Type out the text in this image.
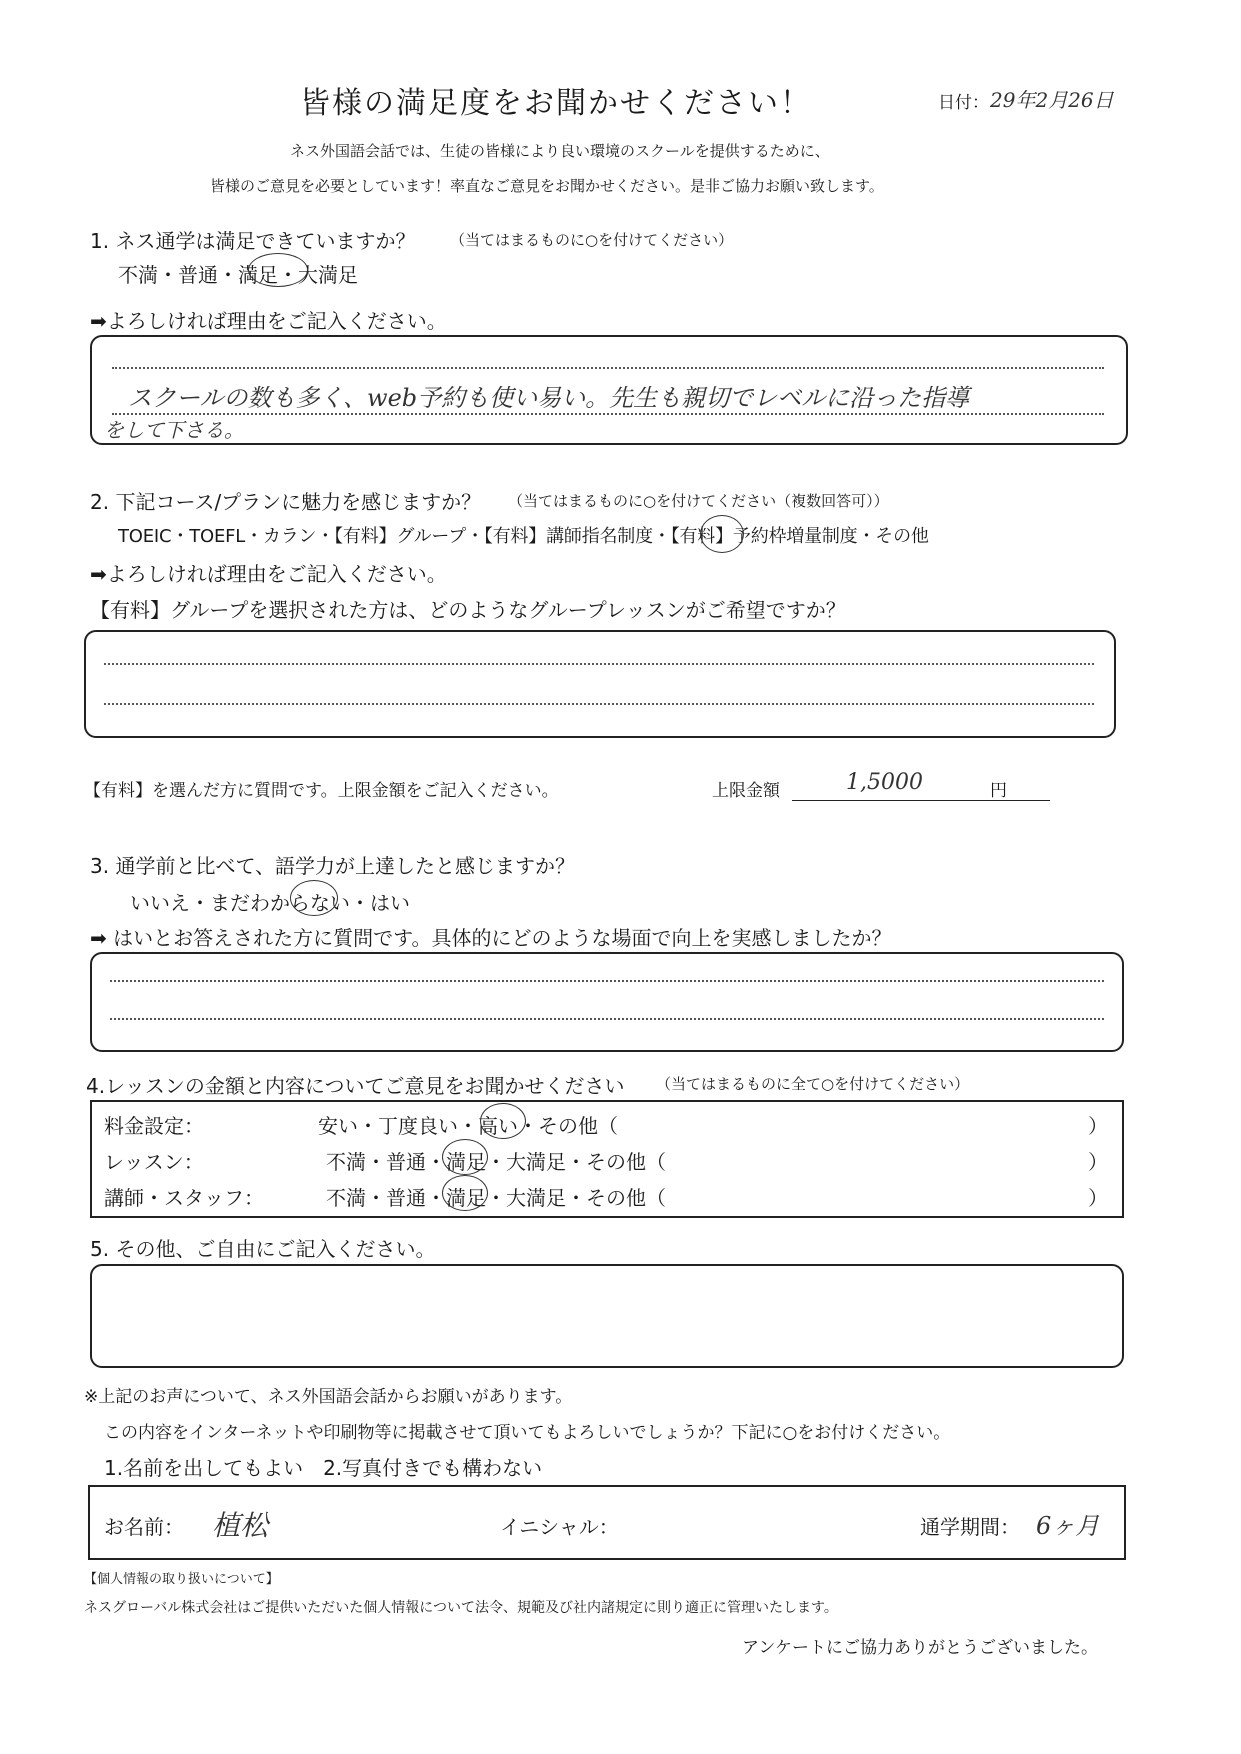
皆様の満足度をお聞かせください！	日付： 29年2月26日
ネス外国語会話では、生徒の皆様により良い環境のスクールを提供するために、
皆様のご意見を必要としています！率直なご意見をお聞かせください。是非ご協力お願い致します。
1. ネス通学は満足できていますか？ （当てはまるものに○を付けてください）
不満・普通・満足・大満足
➡よろしければ理由をご記入ください。
スクールの数も多く、web予約も使い易い。先生も親切でレベルに沿った指導
をして下さる。
2. 下記コース/プランに魅力を感じますか？ （当てはまるものに○を付けてください（複数回答可））
TOEIC・TOEFL・カラン・【有料】グループ・【有料】講師指名制度・【有料】予約枠増量制度・その他
➡よろしければ理由をご記入ください。
【有料】グループを選択された方は、どのようなグループレッスンがご希望ですか？
【有料】を選んだ方に質問です。上限金額をご記入ください。	上限金額	1,5000	円
3. 通学前と比べて、語学力が上達したと感じますか？
いいえ・まだわからない・はい
➡ はいとお答えされた方に質問です。具体的にどのような場面で向上を実感しましたか？
4.レッスンの金額と内容についてご意見をお聞かせください （当てはまるものに全て○を付けてください）
料金設定：	安い・丁度良い・高い・その他（	）
レッスン：	不満・普通・満足・大満足・その他（	）
講師・スタッフ：	不満・普通・満足・大満足・その他（	）
5. その他、ご自由にご記入ください。
※上記のお声について、ネス外国語会話からお願いがあります。
この内容をインターネットや印刷物等に掲載させて頂いてもよろしいでしょうか？下記に○をお付けください。
1.名前を出してもよい　2.写真付きでも構わない
お名前： 植松	イニシャル：	通学期間： 6ヶ月
【個人情報の取り扱いについて】
ネスグローバル株式会社はご提供いただいた個人情報について法令、規範及び社内諸規定に則り適正に管理いたします。
アンケートにご協力ありがとうございました。
